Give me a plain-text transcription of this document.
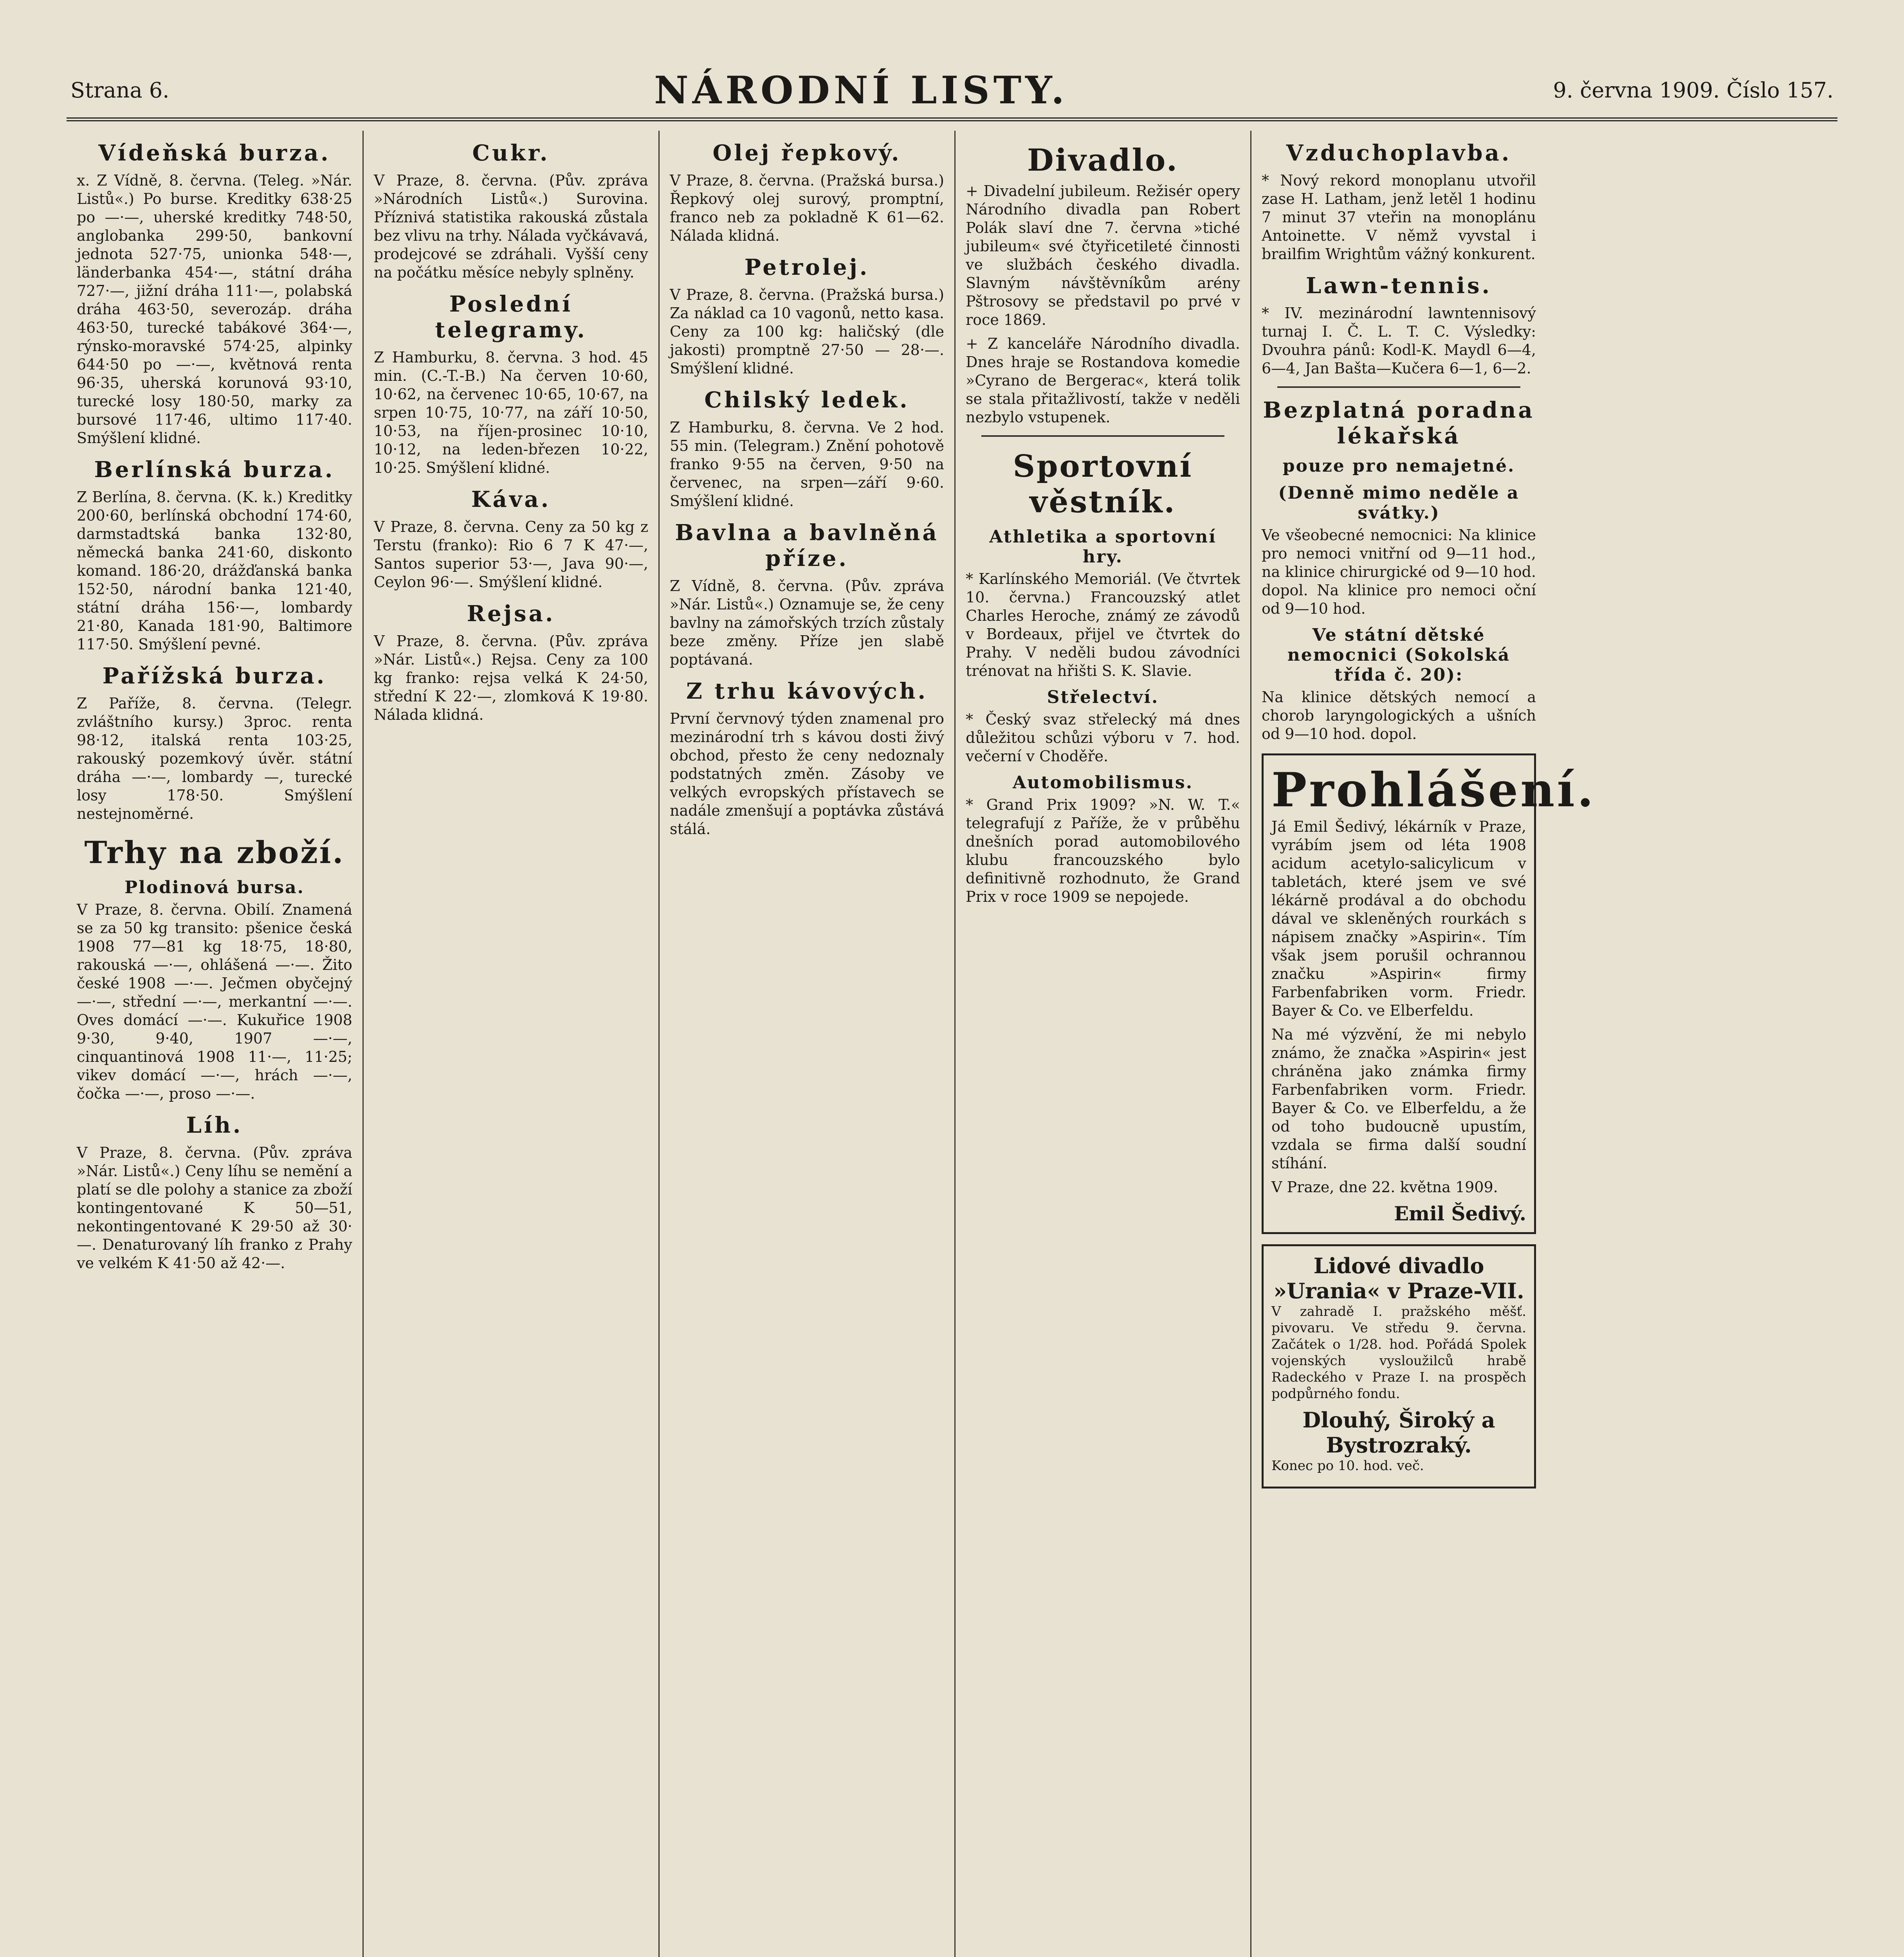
Strana 6.	NÁRODNÍ LISTY.	9. června 1909. Číslo 157.
Vídeňská burza.

x. Z Vídně, 8. června. (Teleg. »Nár. Listů«.) Po burse. Kreditky 638·25 po —·—, uherské kreditky 748·50, anglobanka 299·50, bankovní jednota 527·75, unionka 548·—, länderbanka 454·—, státní dráha 727·—, jižní dráha 111·—, polabská dráha 463·50, severozáp. dráha 463·50, turecké tabákové 364·—, rýnsko-moravské 574·25, alpinky 644·50 po —·—, květnová renta 96·35, uherská korunová 93·10, turecké losy 180·50, marky za bursové 117·46, ultimo 117·40. Smýšlení klidné.

Berlínská burza.

Z Berlína, 8. června. (K. k.) Kreditky 200·60, berlínská obchodní 174·60, darmstadtská banka 132·80, německá banka 241·60, diskonto komand. 186·20, drážďanská banka 152·50, národní banka 121·40, státní dráha 156·—, lombardy 21·80, Kanada 181·90, Baltimore 117·50. Smýšlení pevné.

Pařížská burza.

Z Paříže, 8. června. (Telegr. zvláštního kursy.) 3proc. renta 98·12, italská renta 103·25, rakouský pozemkový úvěr. státní dráha —·—, lombardy —, turecké losy 178·50. Smýšlení nestejnoměrné.

Trhy na zboží.
Plodinová bursa.

V Praze, 8. června. Obilí. Znamená se za 50 kg transito: pšenice česká 1908 77—81 kg 18·75, 18·80, rakouská —·—, ohlášená —·—. Žito české 1908 —·—. Ječmen obyčejný —·—, střední —·—, merkantní —·—. Oves domácí —·—. Kukuřice 1908 9·30, 9·40, 1907 —·—, cinquantinová 1908 11·—, 11·25; vikev domácí —·—, hrách —·—, čočka —·—, proso —·—.

Líh.

V Praze, 8. června. (Pův. zpráva »Nár. Listů«.) Ceny líhu se nemění a platí se dle polohy a stanice za zboží kontingentované K 50—51, nekontingentované K 29·50 až 30·—. Denaturovaný líh franko z Prahy ve velkém K 41·50 až 42·—.

Cukr.

V Praze, 8. června. (Pův. zpráva »Národních Listů«.) Surovina. Příznivá statistika rakouská zůstala bez vlivu na trhy. Nálada vyčkávavá, prodejcové se zdráhali. Vyšší ceny na počátku měsíce nebyly splněny.

Poslední telegramy.

Z Hamburku, 8. června. 3 hod. 45 min. (C.-T.-B.) Na červen 10·60, 10·62, na červenec 10·65, 10·67, na srpen 10·75, 10·77, na září 10·50, 10·53, na říjen-prosinec 10·10, 10·12, na leden-březen 10·22, 10·25. Smýšlení klidné.

Káva.

V Praze, 8. června. Ceny za 50 kg z Terstu (franko): Rio 6 7 K 47·—, Santos superior 53·—, Java 90·—, Ceylon 96·—. Smýšlení klidné.

Rejsa.

V Praze, 8. června. (Pův. zpráva »Nár. Listů«.) Rejsa. Ceny za 100 kg franko: rejsa velká K 24·50, střední K 22·—, zlomková K 19·80. Nálada klidná.

Olej řepkový.

V Praze, 8. června. (Pražská bursa.) Řepkový olej surový, promptní, franco neb za pokladně K 61—62. Nálada klidná.

Petrolej.

V Praze, 8. června. (Pražská bursa.) Za náklad ca 10 vagonů, netto kasa. Ceny za 100 kg: haličský (dle jakosti) promptně 27·50 — 28·—. Smýšlení klidné.

Chilský ledek.

Z Hamburku, 8. června. Ve 2 hod. 55 min. (Telegram.) Znění pohotově franko 9·55 na červen, 9·50 na červenec, na srpen—září 9·60. Smýšlení klidné.

Bavlna a bavlněná příze.

Z Vídně, 8. června. (Pův. zpráva »Nár. Listů«.) Oznamuje se, že ceny bavlny na zámořských trzích zůstaly beze změny. Příze jen slabě poptávaná.

Z trhu kávových.

První červnový týden znamenal pro mezinárodní trh s kávou dosti živý obchod, přesto že ceny nedoznaly podstatných změn. Zásoby ve velkých evropských přístavech se nadále zmenšují a poptávka zůstává stálá.

Divadlo.

+ Divadelní jubileum. Režisér opery Národního divadla pan Robert Polák slaví dne 7. června »tiché jubileum« své čtyřicetileté činnosti ve službách českého divadla. Slavným návštěvníkům arény Pštrosovy se představil po prvé v roce 1869.

+ Z kanceláře Národního divadla. Dnes hraje se Rostandova komedie »Cyrano de Bergerac«, která tolik se stala přitažlivostí, takže v neděli nezbylo vstupenek.

Sportovní věstník.
Athletika a sportovní hry.

* Karlínského Memoriál. (Ve čtvrtek 10. června.) Francouzský atlet Charles Heroche, známý ze závodů v Bordeaux, přijel ve čtvrtek do Prahy. V neděli budou závodníci trénovat na hřišti S. K. Slavie.

Střelectví.

* Český svaz střelecký má dnes důležitou schůzi výboru v 7. hod. večerní v Choděře.

Automobilismus.

* Grand Prix 1909? »N. W. T.« telegrafují z Paříže, že v průběhu dnešních porad automobilového klubu francouzského bylo definitivně rozhodnuto, že Grand Prix v roce 1909 se nepojede.

Vzduchoplavba.

* Nový rekord monoplanu utvořil zase H. Latham, jenž letěl 1 hodinu 7 minut 37 vteřin na monoplánu Antoinette. V němž vyvstal i brailfim Wrightům vážný konkurent.

Lawn-tennis.

* IV. mezinárodní lawntennisový turnaj I. Č. L. T. C. Výsledky: Dvouhra pánů: Kodl-K. Maydl 6—4, 6—4, Jan Bašta—Kučera 6—1, 6—2.

Bezplatná poradna lékařská
pouze pro nemajetné.
(Denně mimo neděle a svátky.)

Ve všeobecné nemocnici: Na klinice pro nemoci vnitřní od 9—11 hod., na klinice chirurgické od 9—10 hod. dopol. Na klinice pro nemoci oční od 9—10 hod.

Ve státní dětské nemocnici (Sokolská třída č. 20):

Na klinice dětských nemocí a chorob laryngologických a ušních od 9—10 hod. dopol.

Prohlášení.

Já Emil Šedivý, lékárník v Praze, vyrábím jsem od léta 1908 acidum acetylo-salicylicum v tabletách, které jsem ve své lékárně prodával a do obchodu dával ve skleněných rourkách s nápisem značky »Aspirin«. Tím však jsem porušil ochrannou značku »Aspirin« firmy Farbenfabriken vorm. Friedr. Bayer & Co. ve Elberfeldu.

Na mé výzvění, že mi nebylo známo, že značka »Aspirin« jest chráněna jako známka firmy Farbenfabriken vorm. Friedr. Bayer & Co. ve Elberfeldu, a že od toho budoucně upustím, vzdala se firma další soudní stíhání.

V Praze, dne 22. května 1909.

Emil Šedivý.
Lidové divadlo »Urania« v Praze-VII.

V zahradě I. pražského měšť. pivovaru. Ve středu 9. června. Začátek o 1/28. hod. Pořádá Spolek vojenských vysloužilců hrabě Radeckého v Praze I. na prospěch podpůrného fondu.

Dlouhý, Široký a Bystrozraký.

Konec po 10. hod. več.
